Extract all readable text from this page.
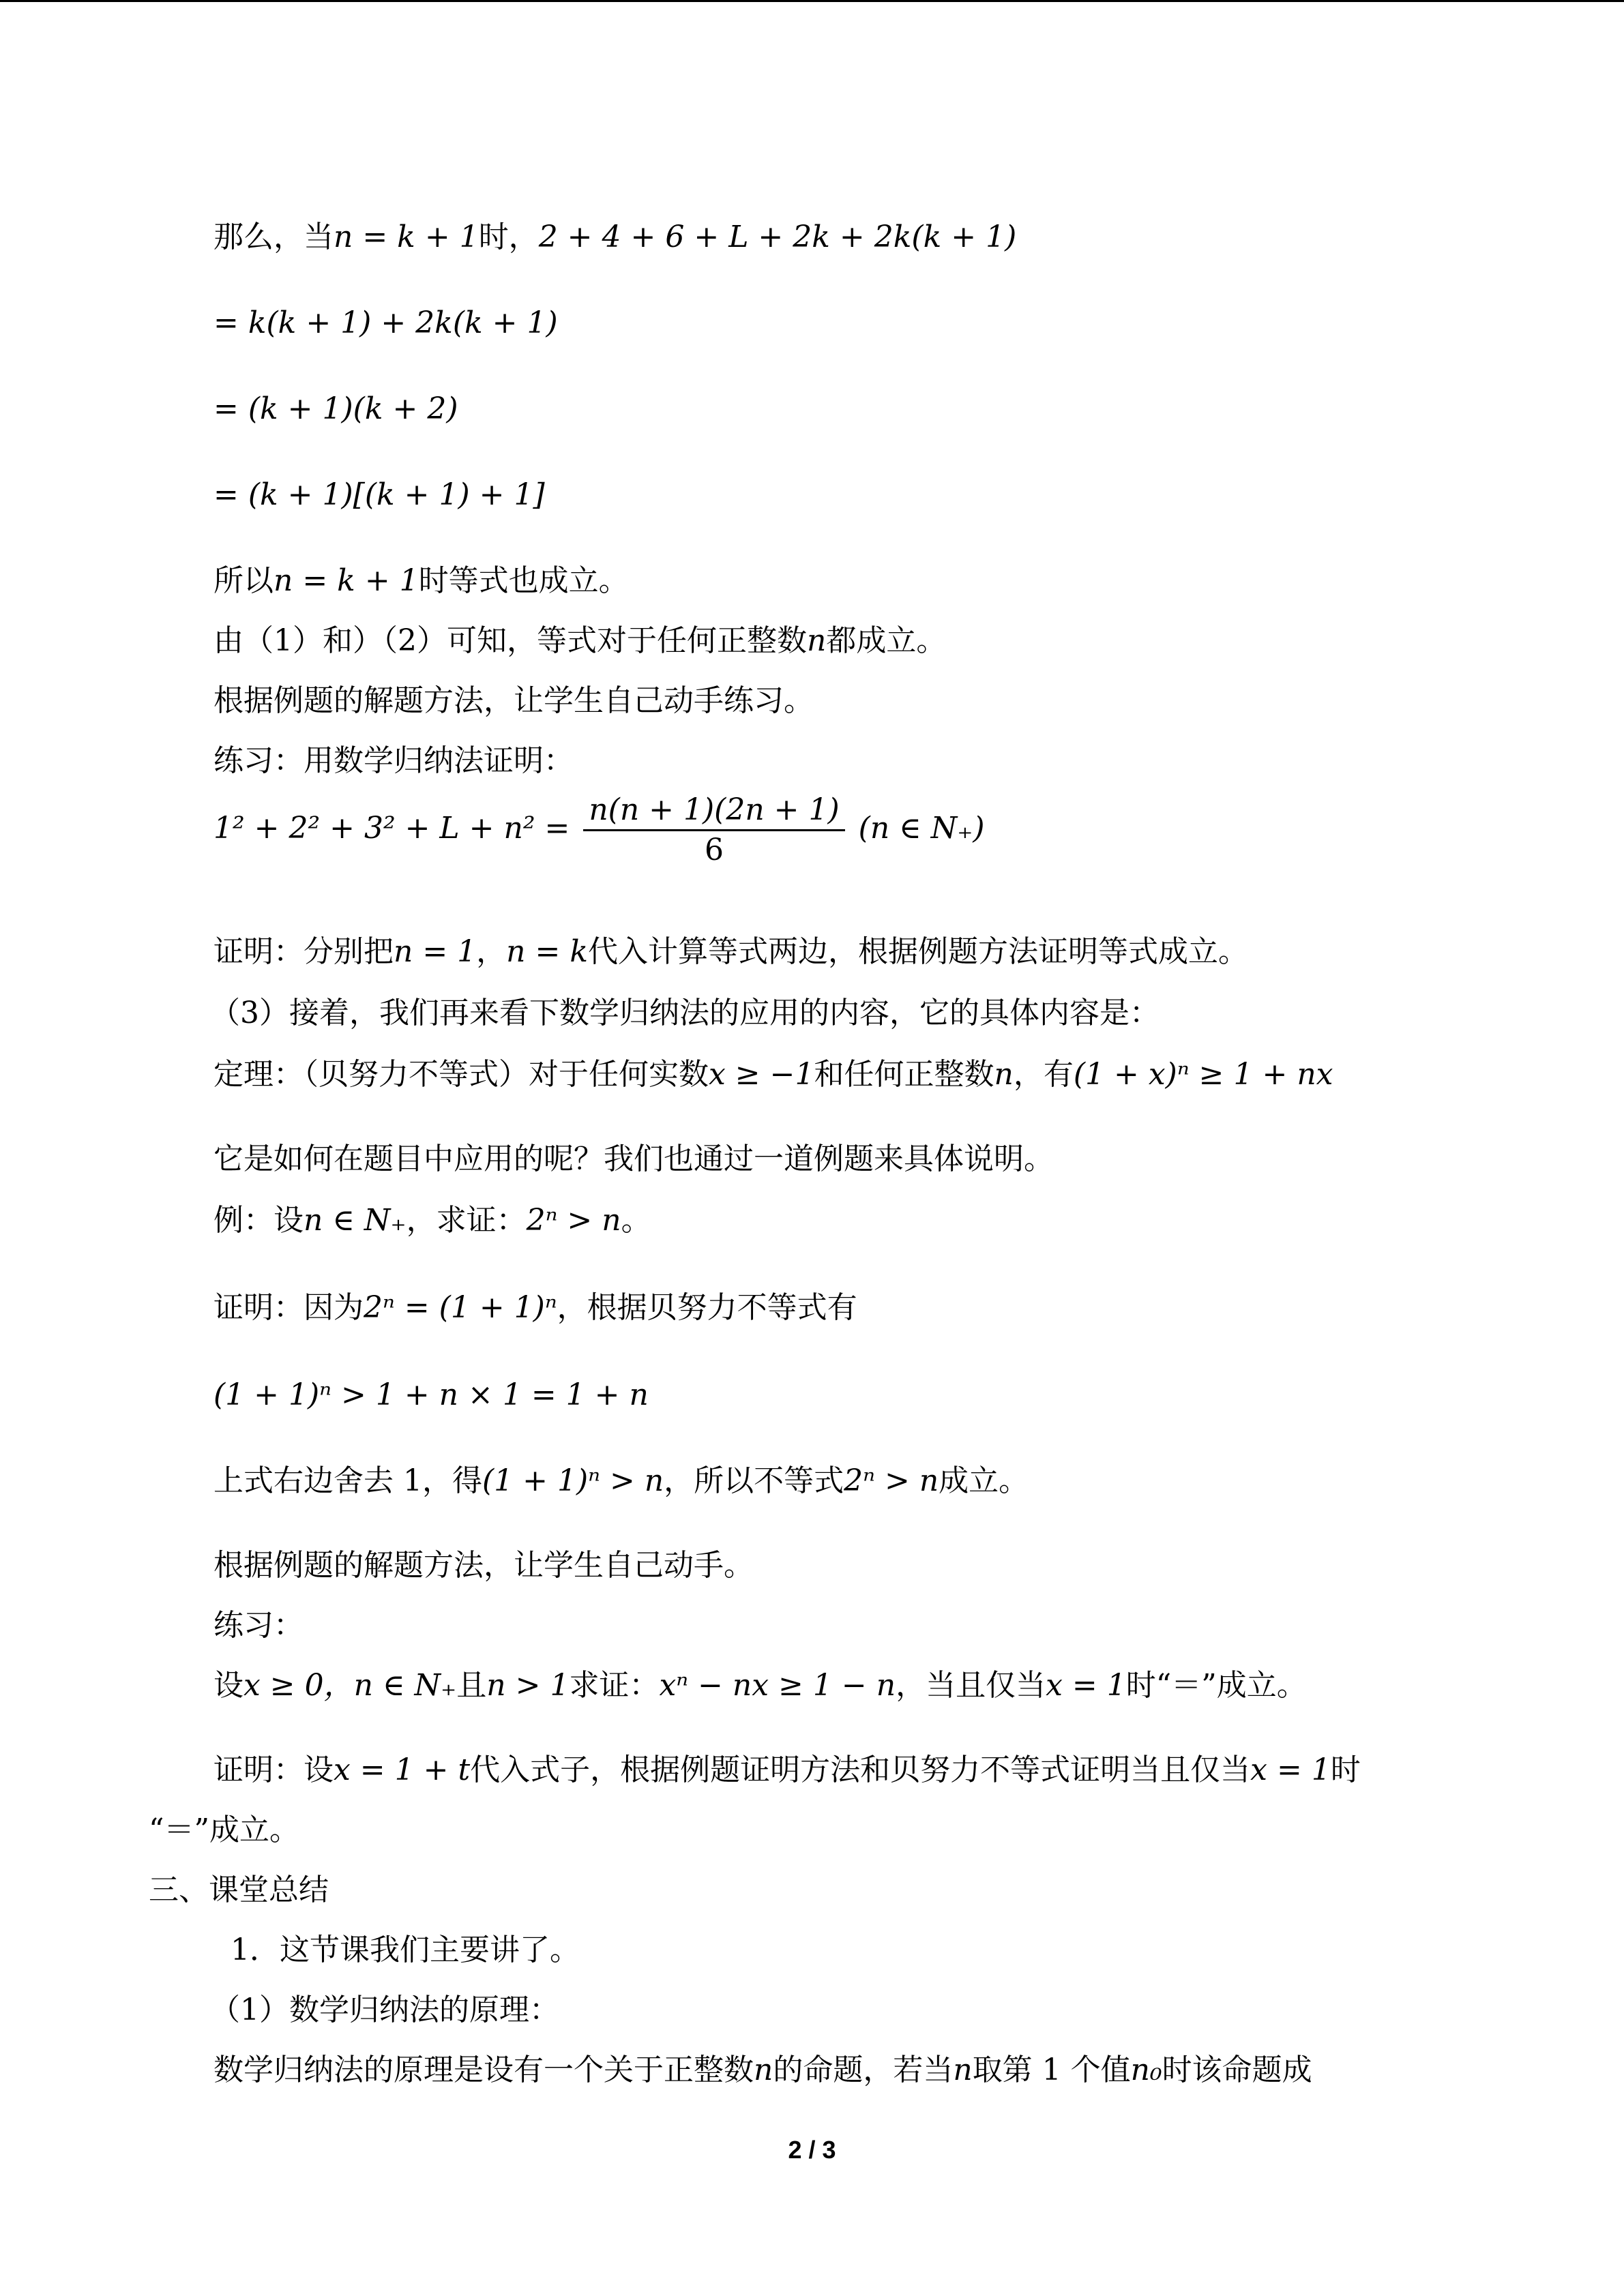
那么，当n = k + 1时，2 + 4 + 6 + L + 2k + 2k(k + 1)
= k(k + 1) + 2k(k + 1)
= (k + 1)(k + 2)
= (k + 1)[(k + 1) + 1]
所以n = k + 1时等式也成立。
由（1）和）（2）可知，等式对于任何正整数n都成立。
根据例题的解题方法，让学生自己动手练习。
练习：用数学归纳法证明：
$1^2 + 2^2 + 3^2 + L + n^2 = \frac{n(n + 1)(2n + 1)}{6} (n$ ∈ N₊)
证明：分别把n = 1，n = k代入计算等式两边，根据例题方法证明等式成立。
（3）接着，我们再来看下数学归纳法的应用的内容，它的具体内容是：
定理：（贝努力不等式）对于任何实数x ≥ −1和任何正整数n，有(1 + x)ⁿ ≥ 1 + nx
它是如何在题目中应用的呢？我们也通过一道例题来具体说明。
例：设n ∈ N₊，求证：2ⁿ > n。
证明：因为2ⁿ = (1 + 1)ⁿ，根据贝努力不等式有
(1 + 1)ⁿ > 1 + n × 1 = 1 + n
上式右边舍去 1，得(1 + 1)ⁿ > n，所以不等式2ⁿ > n成立。
根据例题的解题方法，让学生自己动手。
练习：
设x ≥ 0，n ∈ N₊且n > 1求证：xⁿ − nx ≥ 1 − n，当且仅当x = 1时“＝”成立。
证明：设x = 1 + t代入式子，根据例题证明方法和贝努力不等式证明当且仅当x = 1时
“＝”成立。
三、课堂总结
1．这节课我们主要讲了。
（1）数学归纳法的原理：
数学归纳法的原理是设有一个关于正整数n的命题，若当n取第 1 个值n₀时该命题成
2 / 3
